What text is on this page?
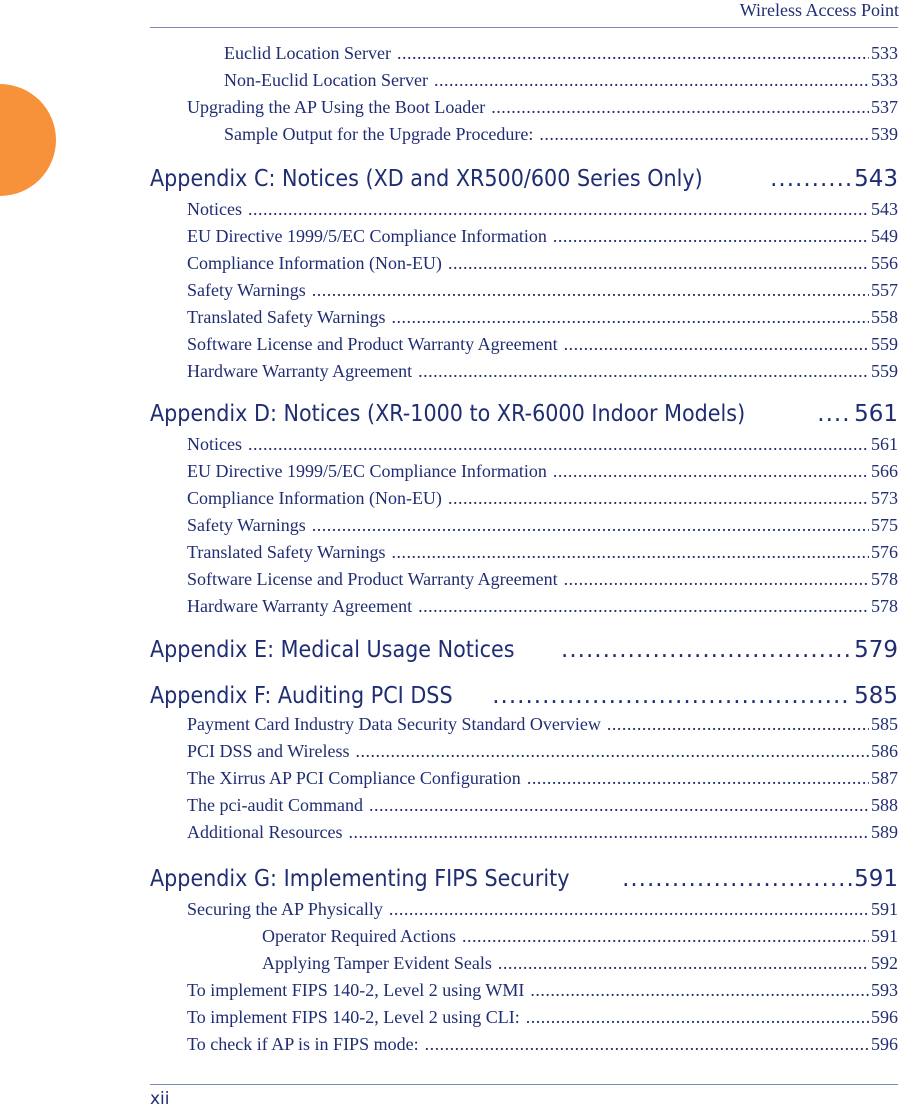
Wireless Access Point
Euclid Location Server .....	533
Non-Euclid Location Server .....	533
Upgrading the AP Using the Boot Loader .....	537
Sample Output for the Upgrade Procedure: .....	539
Appendix C: Notices (XD and XR500/600 Series Only) .....	543
Notices .....	543
EU Directive 1999/5/EC Compliance Information .....	549
Compliance Information (Non-EU) .....	556
Safety Warnings .....	557
Translated Safety Warnings .....	558
Software License and Product Warranty Agreement .....	559
Hardware Warranty Agreement .....	559
Appendix D: Notices (XR-1000 to XR-6000 Indoor Models) .....	561
Notices .....	561
EU Directive 1999/5/EC Compliance Information .....	566
Compliance Information (Non-EU) .....	573
Safety Warnings .....	575
Translated Safety Warnings .....	576
Software License and Product Warranty Agreement .....	578
Hardware Warranty Agreement .....	578
Appendix E: Medical Usage Notices .....	579
Appendix F: Auditing PCI DSS .....	585
Payment Card Industry Data Security Standard Overview .....	585
PCI DSS and Wireless .....	586
The Xirrus AP PCI Compliance Configuration .....	587
The pci-audit Command .....	588
Additional Resources .....	589
Appendix G: Implementing FIPS Security .....	591
Securing the AP Physically .....	591
Operator Required Actions .....	591
Applying Tamper Evident Seals .....	592
To implement FIPS 140-2, Level 2 using WMI .....	593
To implement FIPS 140-2, Level 2 using CLI: .....	596
To check if AP is in FIPS mode: .....	596
xii
